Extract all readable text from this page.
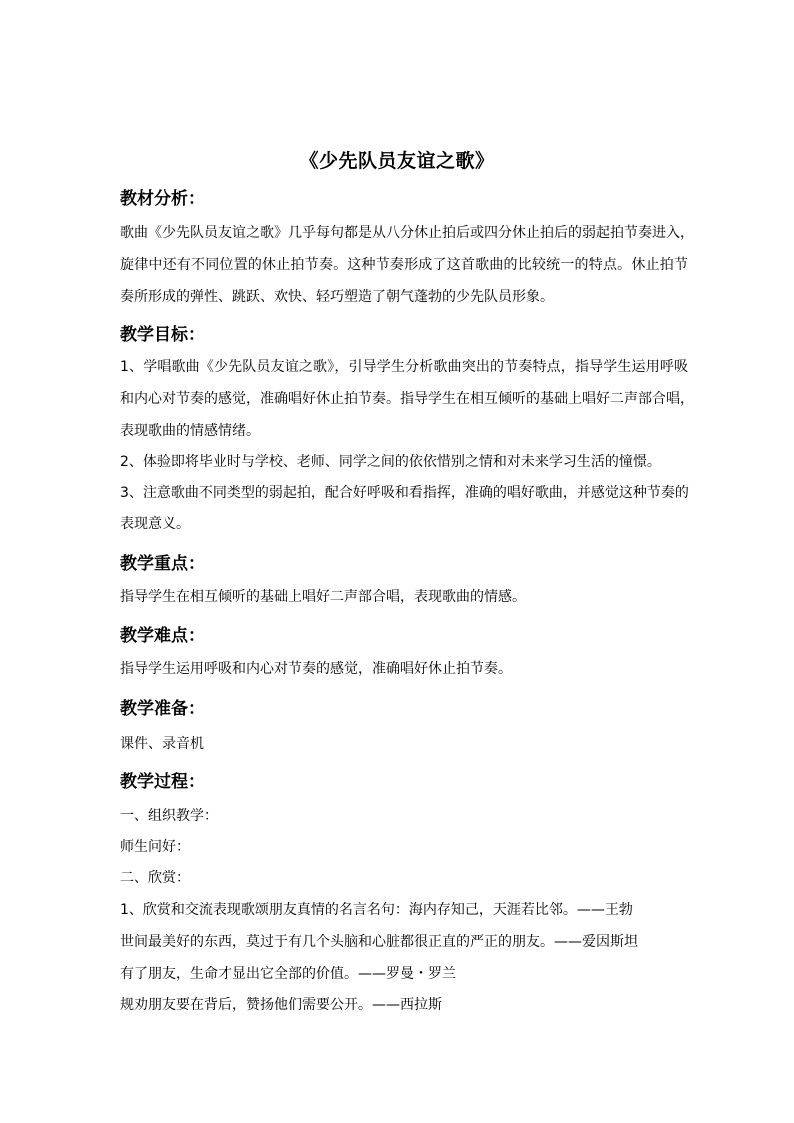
《少先队员友谊之歌》
教材分析：
歌曲《少先队员友谊之歌》几乎每句都是从八分休止拍后或四分休止拍后的弱起拍节奏进入，
旋律中还有不同位置的休止拍节奏。这种节奏形成了这首歌曲的比较统一的特点。休止拍节
奏所形成的弹性、跳跃、欢快、轻巧塑造了朝气蓬勃的少先队员形象。
教学目标：
1、学唱歌曲《少先队员友谊之歌》，引导学生分析歌曲突出的节奏特点，指导学生运用呼吸
和内心对节奏的感觉，准确唱好休止拍节奏。指导学生在相互倾听的基础上唱好二声部合唱，
表现歌曲的情感情绪。
2、体验即将毕业时与学校、老师、同学之间的依依惜别之情和对未来学习生活的憧憬。
3、注意歌曲不同类型的弱起拍，配合好呼吸和看指挥，准确的唱好歌曲，并感觉这种节奏的
表现意义。
教学重点：
指导学生在相互倾听的基础上唱好二声部合唱，表现歌曲的情感。
教学难点：
指导学生运用呼吸和内心对节奏的感觉，准确唱好休止拍节奏。
教学准备：
课件、录音机
教学过程：
一、组织教学：
师生问好：
二、欣赏：
1、欣赏和交流表现歌颂朋友真情的名言名句：海内存知己，天涯若比邻。——王勃
世间最美好的东西，莫过于有几个头脑和心脏都很正直的严正的朋友。——爱因斯坦
有了朋友，生命才显出它全部的价值。——罗曼・罗兰
规劝朋友要在背后，赞扬他们需要公开。——西拉斯
